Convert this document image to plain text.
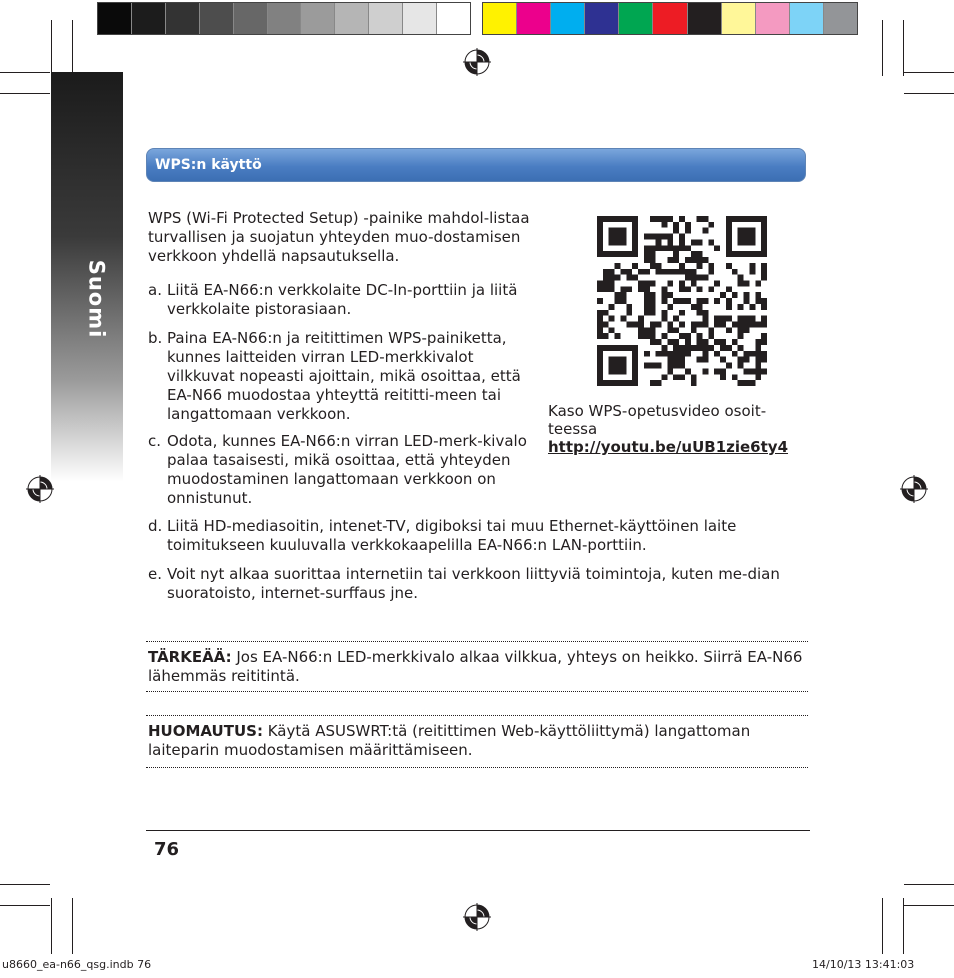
Suomi
WPS:n käyttö
WPS (Wi-Fi Protected Setup) -painike mahdol-listaa turvallisen ja suojatun yhteyden muo-dostamisen verkkoon yhdellä napsautuksella.
a. Liitä EA-N66:n verkkolaite DC-In-porttiin ja liitä verkkolaite pistorasiaan.
b. Paina EA-N66:n ja reitittimen WPS-painiketta, kunnes laitteiden virran LED-merkkivalot vilkkuvat nopeasti ajoittain, mikä osoittaa, että EA-N66 muodostaa yhteyttä reititti-meen tai langattomaan verkkoon.
c. Odota, kunnes EA-N66:n virran LED-merk-kivalo palaa tasaisesti, mikä osoittaa, että yhteyden muodostaminen langattomaan verkkoon on onnistunut.
d. Liitä HD-mediasoitin, intenet-TV, digiboksi tai muu Ethernet-käyttöinen laite toimitukseen kuuluvalla verkkokaapelilla EA-N66:n LAN-porttiin.
e. Voit nyt alkaa suorittaa internetiin tai verkkoon liittyviä toimintoja, kuten me-dian suoratoisto, internet-surffaus jne.
Kaso WPS-opetusvideo osoit-teessa
http://youtu.be/uUB1zie6ty4
TÄRKEÄÄ: Jos EA-N66:n LED-merkkivalo alkaa vilkkua, yhteys on heikko. Siirrä EA-N66 lähemmäs reititintä.
HUOMAUTUS: Käytä ASUSWRT:tä (reitittimen Web-käyttöliittymä) langattoman laiteparin muodostamisen määrittämiseen.
76
u8660_ea-n66_qsg.indb 76	14/10/13 13:41:03
